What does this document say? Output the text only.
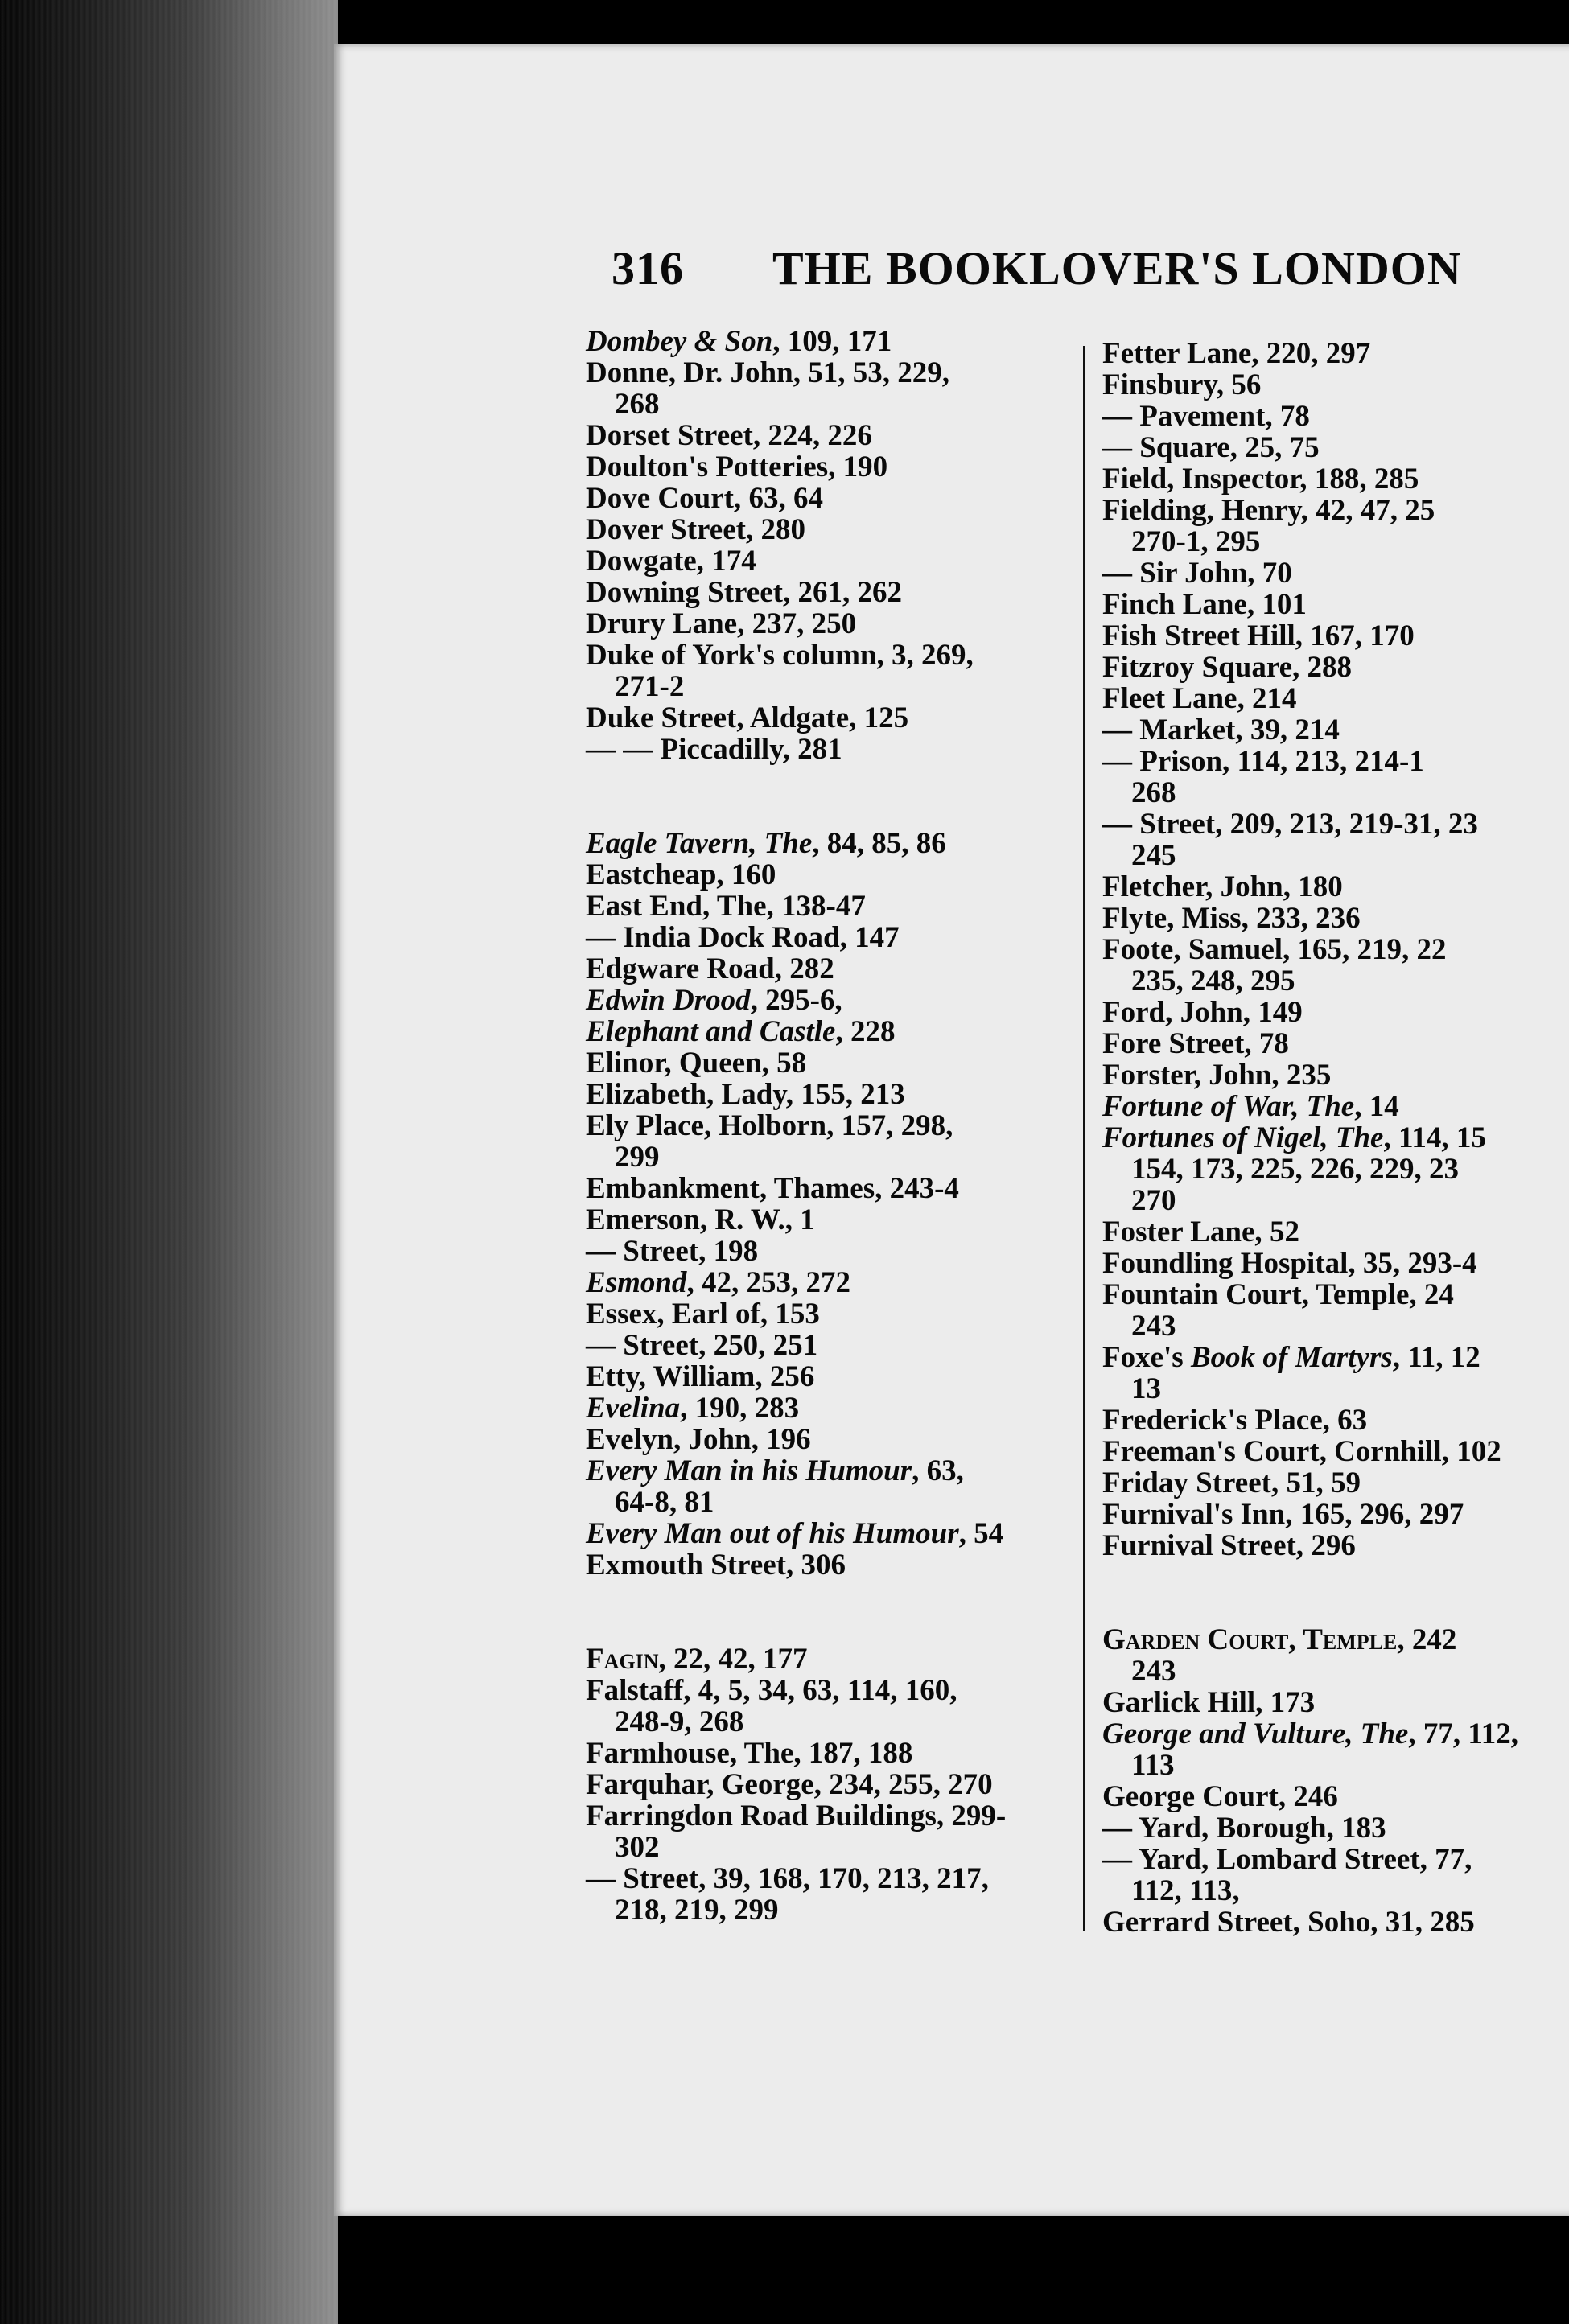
316 THE BOOKLOVER'S LONDON
Dombey & Son, 109, 171
Donne, Dr. John, 51, 53, 229,
268
Dorset Street, 224, 226
Doulton's Potteries, 190
Dove Court, 63, 64
Dover Street, 280
Dowgate, 174
Downing Street, 261, 262
Drury Lane, 237, 250
Duke of York's column, 3, 269,
271-2
Duke Street, Aldgate, 125
— — Piccadilly, 281
Eagle Tavern, The, 84, 85, 86
Eastcheap, 160
East End, The, 138-47
— India Dock Road, 147
Edgware Road, 282
Edwin Drood, 295-6,
Elephant and Castle, 228
Elinor, Queen, 58
Elizabeth, Lady, 155, 213
Ely Place, Holborn, 157, 298,
299
Embankment, Thames, 243-4
Emerson, R. W., 1
— Street, 198
Esmond, 42, 253, 272
Essex, Earl of, 153
— Street, 250, 251
Etty, William, 256
Evelina, 190, 283
Evelyn, John, 196
Every Man in his Humour, 63,
64-8, 81
Every Man out of his Humour, 54
Exmouth Street, 306
Fagin, 22, 42, 177
Falstaff, 4, 5, 34, 63, 114, 160,
248-9, 268
Farmhouse, The, 187, 188
Farquhar, George, 234, 255, 270
Farringdon Road Buildings, 299-
302
— Street, 39, 168, 170, 213, 217,
218, 219, 299
Fetter Lane, 220, 297
Finsbury, 56
— Pavement, 78
— Square, 25, 75
Field, Inspector, 188, 285
Fielding, Henry, 42, 47, 25
270-1, 295
— Sir John, 70
Finch Lane, 101
Fish Street Hill, 167, 170
Fitzroy Square, 288
Fleet Lane, 214
— Market, 39, 214
— Prison, 114, 213, 214-1
268
— Street, 209, 213, 219-31, 23
245
Fletcher, John, 180
Flyte, Miss, 233, 236
Foote, Samuel, 165, 219, 22
235, 248, 295
Ford, John, 149
Fore Street, 78
Forster, John, 235
Fortune of War, The, 14
Fortunes of Nigel, The, 114, 15
154, 173, 225, 226, 229, 23
270
Foster Lane, 52
Foundling Hospital, 35, 293-4
Fountain Court, Temple, 24
243
Foxe's Book of Martyrs, 11, 12
13
Frederick's Place, 63
Freeman's Court, Cornhill, 102
Friday Street, 51, 59
Furnival's Inn, 165, 296, 297
Furnival Street, 296
Garden Court, Temple, 242
243
Garlick Hill, 173
George and Vulture, The, 77, 112,
113
George Court, 246
— Yard, Borough, 183
— Yard, Lombard Street, 77,
112, 113,
Gerrard Street, Soho, 31, 285
